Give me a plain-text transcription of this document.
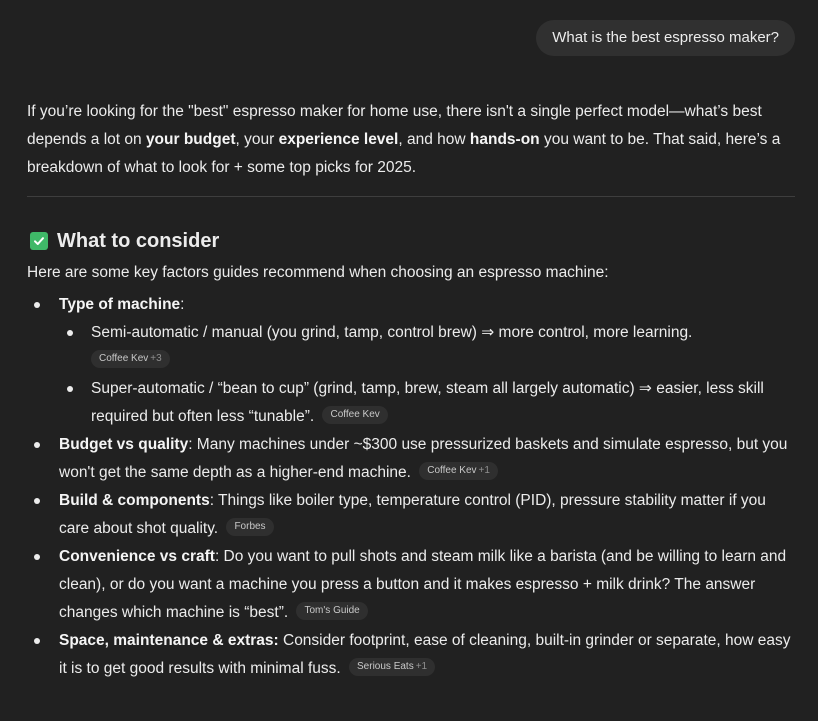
What is the best espresso maker?

If you’re looking for the "best" espresso maker for home use, there isn't a single perfect model—what’s best depends a lot on your budget, your experience level, and how hands-on you want to be. That said, here’s a breakdown of what to look for + some top picks for 2025.

What to consider

Here are some key factors guides recommend when choosing an espresso machine:

Type of machine:
Semi-automatic / manual (you grind, tamp, control brew) ⇒ more control, more learning.
Coffee Kev +3
Super-automatic / “bean to cup” (grind, tamp, brew, steam all largely automatic) ⇒ easier, less skill required but often less “tunable”. Coffee Kev
Budget vs quality: Many machines under ~$300 use pressurized baskets and simulate espresso, but you won't get the same depth as a higher-end machine. Coffee Kev +1
Build & components: Things like boiler type, temperature control (PID), pressure stability matter if you care about shot quality. Forbes
Convenience vs craft: Do you want to pull shots and steam milk like a barista (and be willing to learn and clean), or do you want a machine you press a button and it makes espresso + milk drink? The answer changes which machine is “best”. Tom's Guide
Space, maintenance & extras: Consider footprint, ease of cleaning, built-in grinder or separate, how easy it is to get good results with minimal fuss. Serious Eats +1
